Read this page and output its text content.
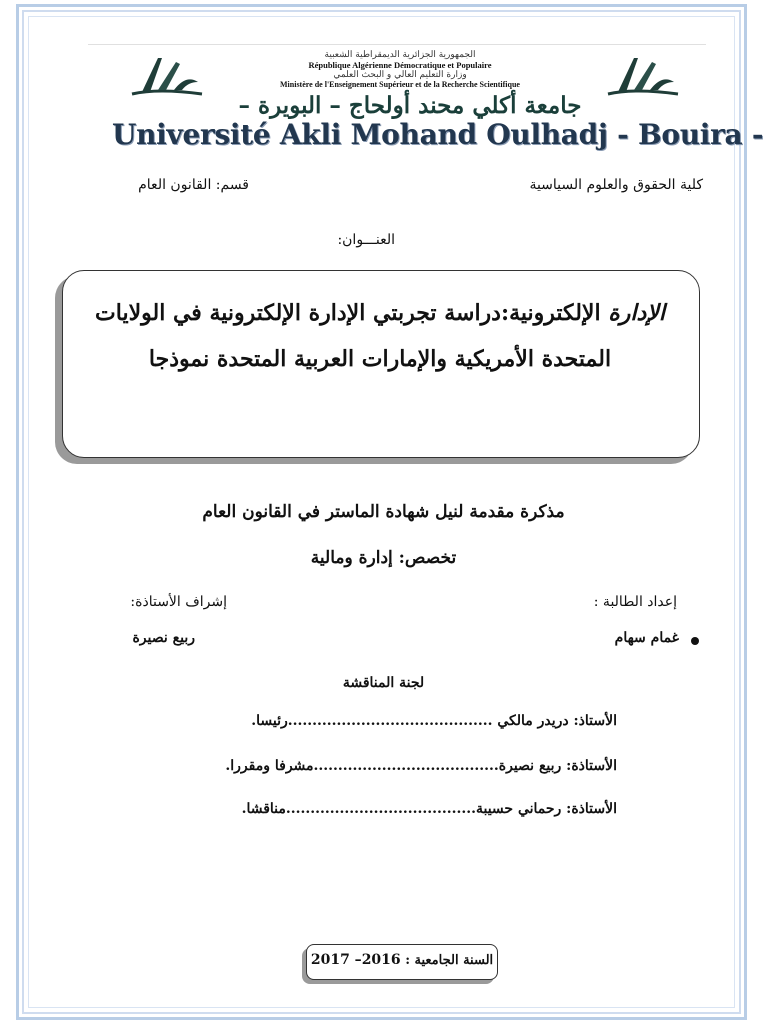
الجمهورية الجزائرية الديمقراطية الشعبية
République Algérienne Démocratique et Populaire
وزارة التعليم العالي و البحث العلمي
Ministère de l'Enseignement Supérieur et de la Recherche Scientifique
جامعة أكلي محند أولحاج – البويرة –
Université Akli Mohand Oulhadj - Bouira -
كلية الحقوق والعلوم السياسية
قسم: القانون العام
العنـــوان:
الإدارة الإلكترونية:دراسة تجربتي الإدارة الإلكترونية في الولايات المتحدة الأمريكية والإمارات العربية المتحدة نموذجا
مذكرة مقدمة لنيل شهادة الماستر في القانون العام
تخصص: إدارة ومالية
إعداد الطالبة :
إشراف الأستاذة:
غمام سهام
ربيع نصيرة
لجنة المناقشة
الأستاذ: دريدر مالكي ..........................................رئيسا.
الأستاذة: ربيع نصيرة......................................مشرفا ومقررا.
الأستاذة: رحماني حسيبة.......................................مناقشا.
السنة الجامعية : 2016– 2017
